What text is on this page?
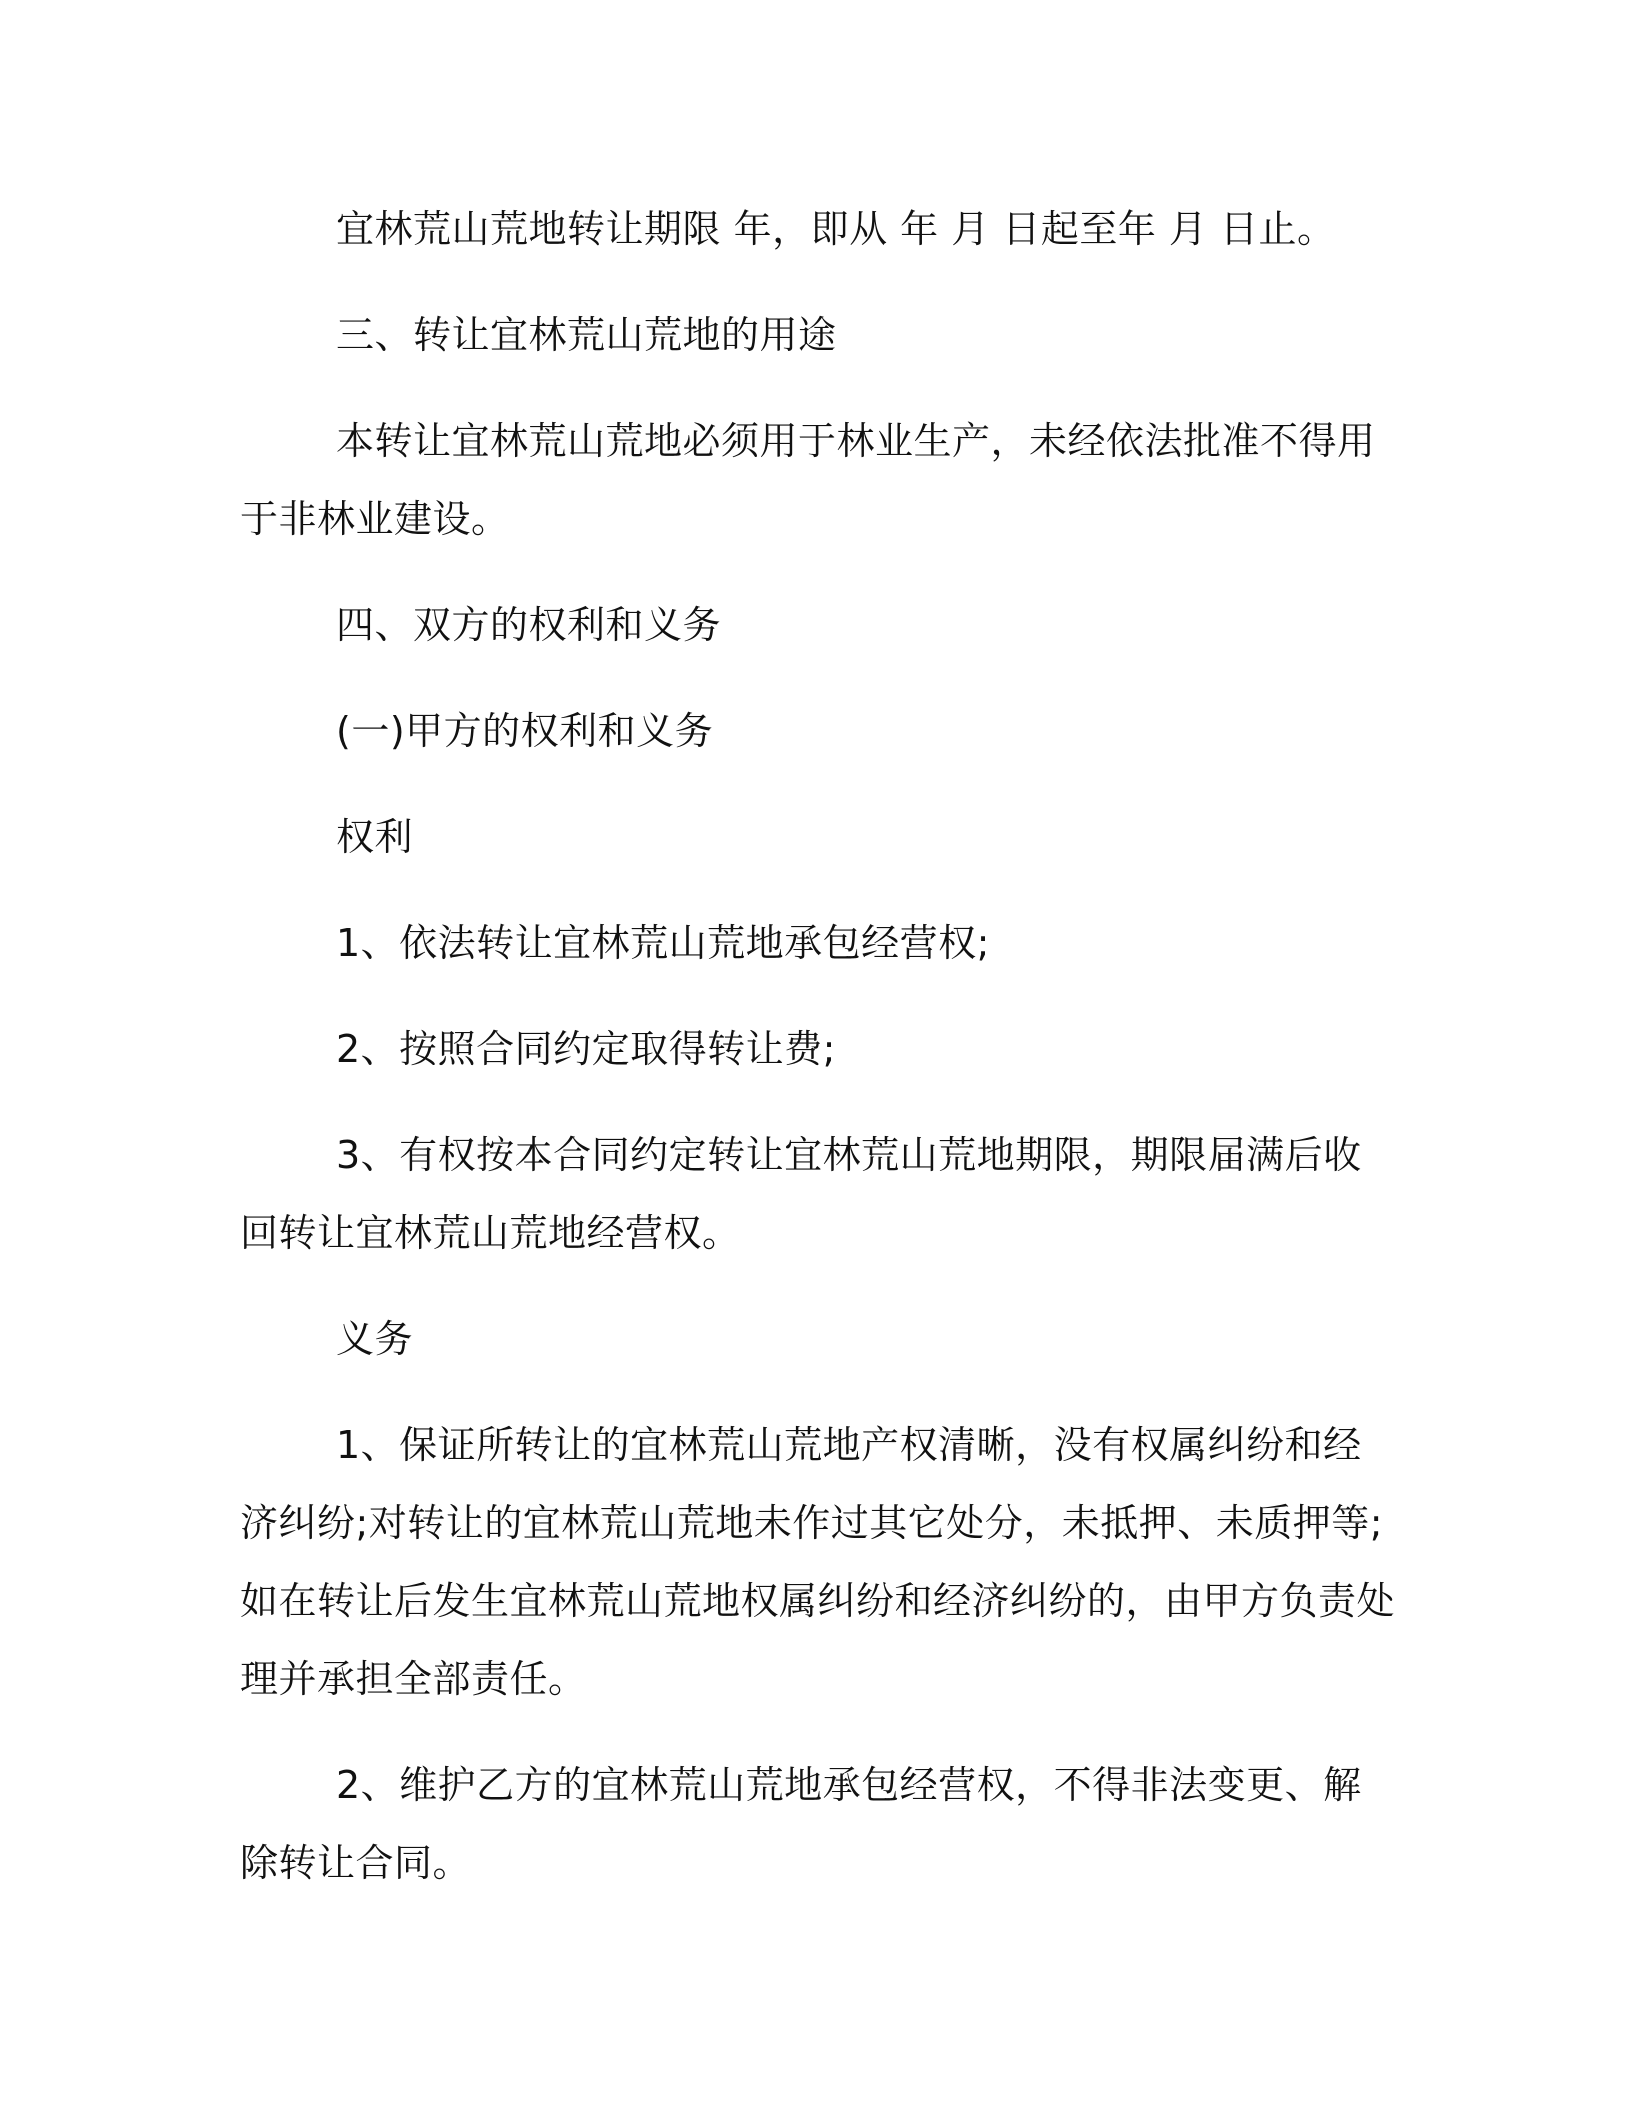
宜林荒山荒地转让期限 年，即从 年 月 日起至年 月 日止。

三、转让宜林荒山荒地的用途

本转让宜林荒山荒地必须用于林业生产，未经依法批准不得用于非林业建设。

四、双方的权利和义务

(一)甲方的权利和义务

权利

1、依法转让宜林荒山荒地承包经营权;

2、按照合同约定取得转让费;

3、有权按本合同约定转让宜林荒山荒地期限，期限届满后收回转让宜林荒山荒地经营权。

义务

1、保证所转让的宜林荒山荒地产权清晰，没有权属纠纷和经济纠纷;对转让的宜林荒山荒地未作过其它处分，未抵押、未质押等;如在转让后发生宜林荒山荒地权属纠纷和经济纠纷的，由甲方负责处理并承担全部责任。

2、维护乙方的宜林荒山荒地承包经营权，不得非法变更、解除转让合同。
